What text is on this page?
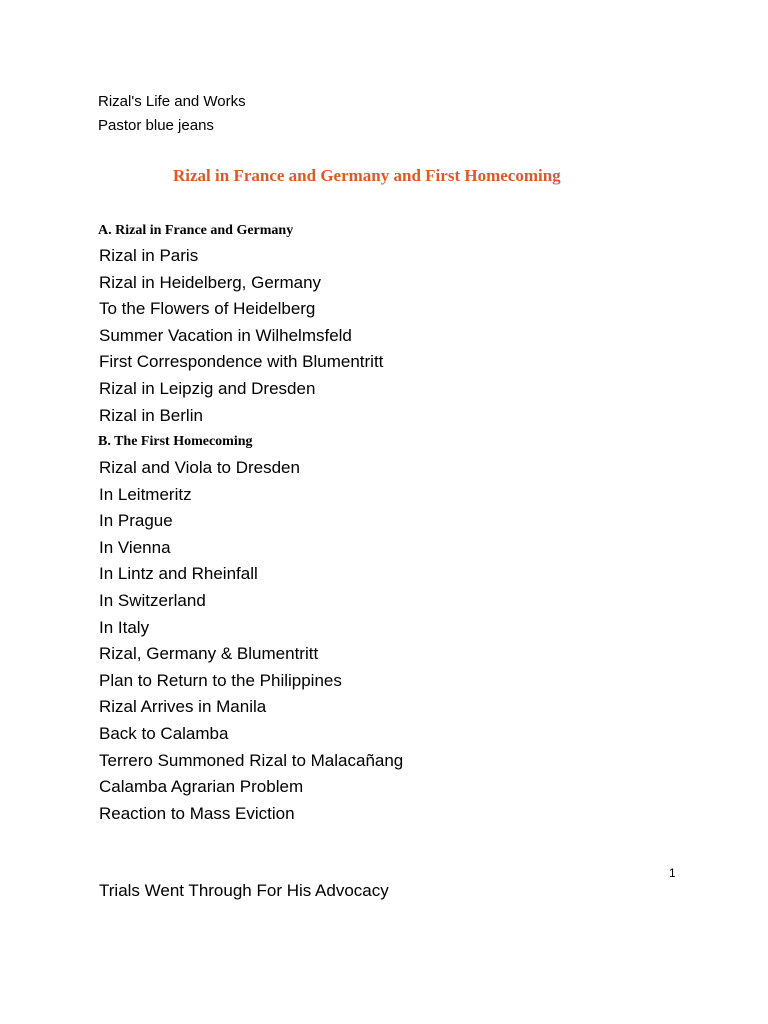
Rizal's Life and Works
Pastor blue jeans
Rizal in France and Germany and First Homecoming
A. Rizal in France and Germany
Rizal in Paris
Rizal in Heidelberg, Germany
To the Flowers of Heidelberg
Summer Vacation in Wilhelmsfeld
First Correspondence with Blumentritt
Rizal in Leipzig and Dresden
Rizal in Berlin
B. The First Homecoming
Rizal and Viola to Dresden
In Leitmeritz
In Prague
In Vienna
In Lintz and Rheinfall
In Switzerland
In Italy
Rizal, Germany & Blumentritt
Plan to Return to the Philippines
Rizal Arrives in Manila
Back to Calamba
Terrero Summoned Rizal to Malacañang
Calamba Agrarian Problem
Reaction to Mass Eviction
1
Trials Went Through For His Advocacy
